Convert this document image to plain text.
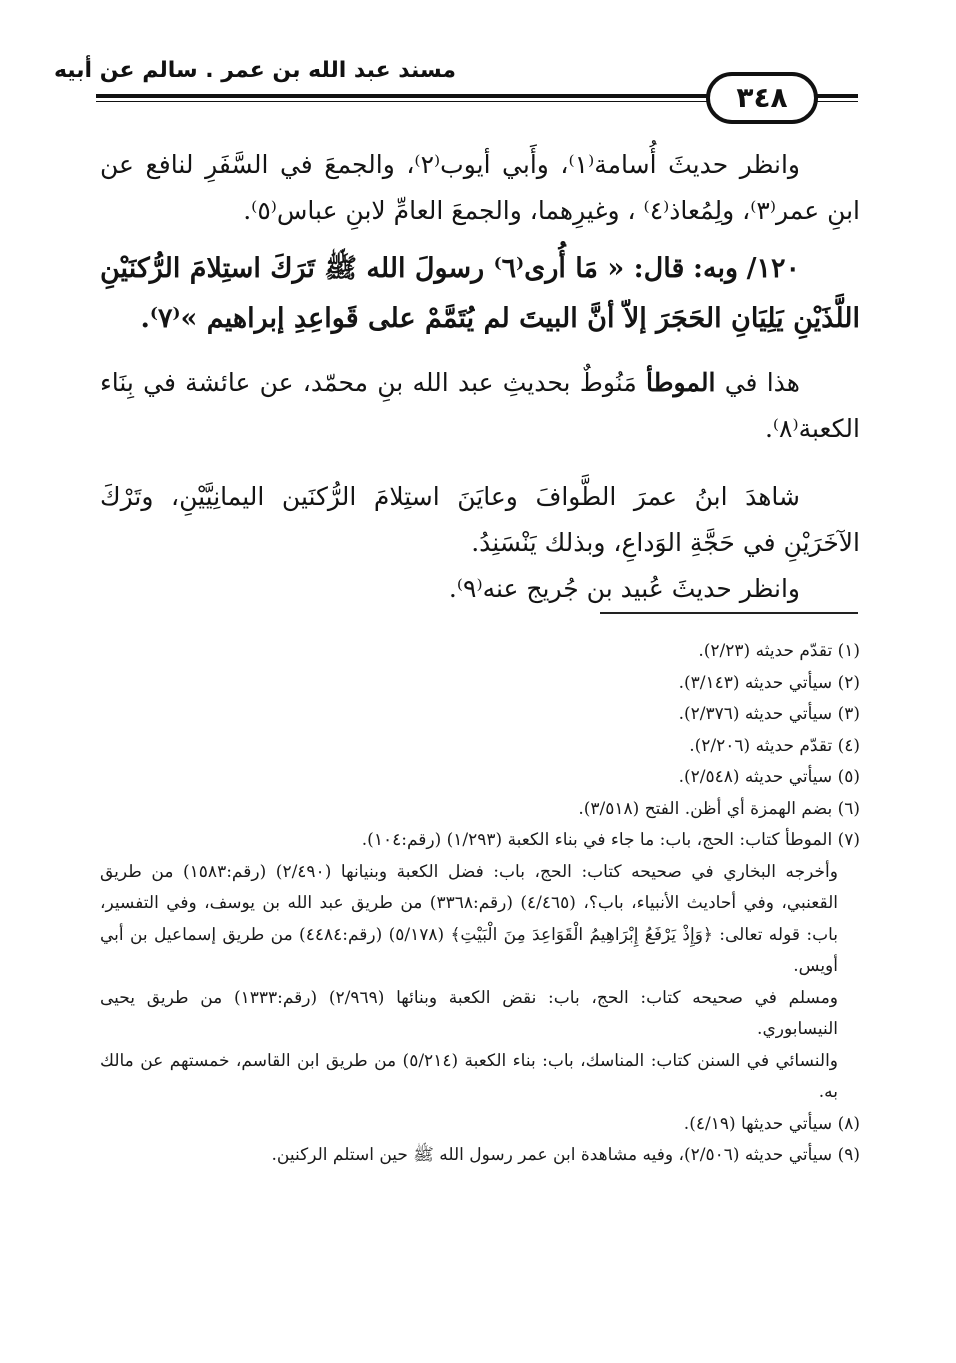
مسند عبد الله بن عمر . سالم عن أبيه
٣٤٨

وانظر حديثَ أُسامة⁽١⁾، وأَبي أيوب⁽٢⁾، والجمعَ في السَّفَرِ لنافع عن ابنِ عمر⁽٣⁾، ولِمُعاذ⁽٤⁾ ، وغيرِهما، والجمعَ العامِّ لابنِ عباس⁽٥⁾.

١٢٠/ وبه: قال: « مَا أُرى⁽٦⁾ رسولَ الله ﷺ تَرَكَ استِلامَ الرُّكنَيْنِ اللَّذَيْنِ يَلِيَانِ الحَجَرَ إلاّ أنَّ البيتَ لم يُتَمَّمْ على قَواعِدِ إبراهيم »⁽٧⁾.

هذا في الموطأ مَنُوطٌ بحديثِ عبد الله بنِ محمّد، عن عائشة في بِنَاء الكعبة⁽٨⁾.

شاهدَ ابنُ عمرَ الطَّوافَ وعايَنَ استِلامَ الرُّكنَين اليمانِيَّيْنِ، وتَرْكَ الآخَرَيْنِ في حَجَّةِ الوَداعِ، وبذلك يَنْسَنِدُ.

وانظر حديثَ عُبيد بن جُريج عنه⁽٩⁾.

(١) تقدّم حديثه (٢/٢٣).

(٢) سيأتي حديثه (٣/١٤٣).

(٣) سيأتي حديثه (٢/٣٧٦).

(٤) تقدّم حديثه (٢/٢٠٦).

(٥) سيأتي حديثه (٢/٥٤٨).

(٦) بضم الهمزة أي أظن. الفتح (٣/٥١٨).

(٧) الموطأ كتاب: الحج، باب: ما جاء في بناء الكعبة (١/٢٩٣) (رقم:١٠٤).

وأخرجه البخاري في صحيحه كتاب: الحج، باب: فضل الكعبة وبنيانها (٢/٤٩٠) (رقم:١٥٨٣) من طريق القعنبي، وفي أحاديث الأنبياء، باب؟، (٤/٤٦٥) (رقم:٣٣٦٨) من طريق عبد الله بن يوسف، وفي التفسير، باب: قوله تعالى: ﴿وَإِذْ يَرْفَعُ إِبْرَاهِيمُ الْقَوَاعِدَ مِنَ الْبَيْتِ﴾ (٥/١٧٨) (رقم:٤٤٨٤) من طريق إسماعيل بن أبي أويس.

ومسلم في صحيحه كتاب: الحج، باب: نقض الكعبة وبنائها (٢/٩٦٩) (رقم:١٣٣٣) من طريق يحيى النيسابوري.

والنسائي في السنن كتاب: المناسك، باب: بناء الكعبة (٥/٢١٤) من طريق ابن القاسم، خمستهم عن مالك به.

(٨) سيأتي حديثها (٤/١٩).

(٩) سيأتي حديثه (٢/٥٠٦)، وفيه مشاهدة ابن عمر رسول الله ﷺ حين استلم الركنين.
